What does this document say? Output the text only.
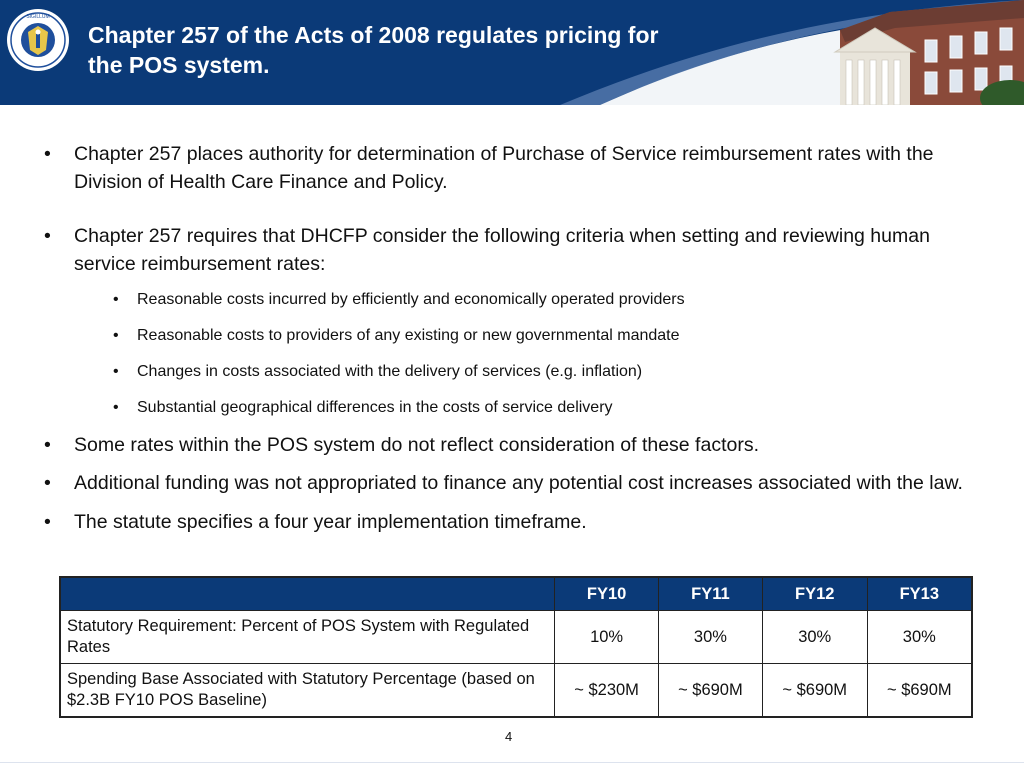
SIGILLUM
Chapter 257 of the Acts of 2008 regulates pricing for
the POS system.

• Chapter 257 places authority for determination of Purchase of Service reimbursement rates with the Division of Health Care Finance and Policy.

• Chapter 257 requires that DHCFP consider the following criteria when setting and reviewing human service reimbursement rates:

• Reasonable costs incurred by efficiently and economically operated providers
• Reasonable costs to providers of any existing or new governmental mandate
• Changes in costs associated with the delivery of services (e.g. inflation)
• Substantial geographical differences in the costs of service delivery

• Some rates within the POS system do not reflect consideration of these factors.

• Additional funding was not appropriated to finance any potential cost increases associated with the law.

• The statute specifies a four year implementation timeframe.

	FY10	FY11	FY12	FY13
Statutory Requirement: Percent of POS System with Regulated Rates	10%	30%	30%	30%
Spending Base Associated with Statutory Percentage (based on $2.3B FY10 POS Baseline)	~ $230M	~ $690M	~ $690M	~ $690M
4
